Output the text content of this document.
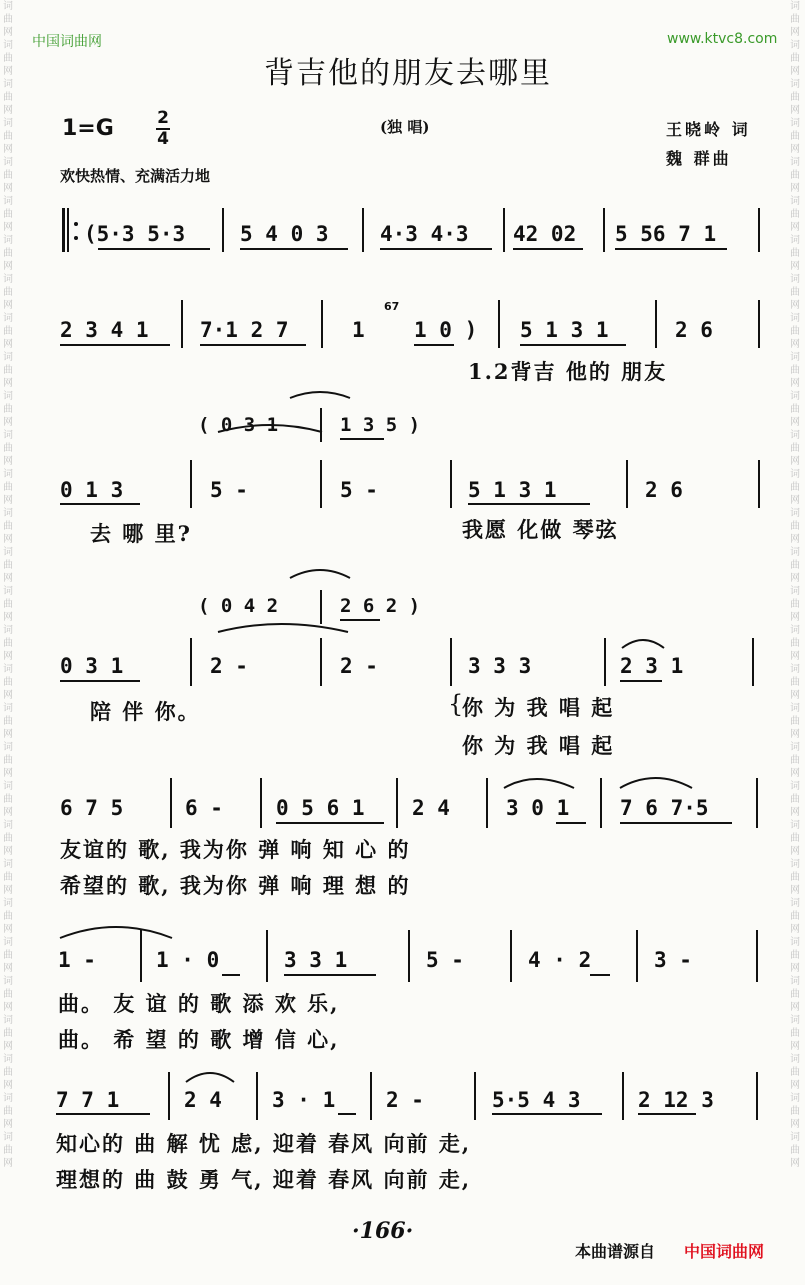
词曲网词曲网词曲网词曲网词曲网词曲网词曲网词曲网词曲网词曲网词曲网词曲网词曲网词曲网词曲网词曲网词曲网词曲网词曲网词曲网词曲网词曲网词曲网词曲网词曲网词曲网词曲网词曲网词曲网词曲网
词曲网词曲网词曲网词曲网词曲网词曲网词曲网词曲网词曲网词曲网词曲网词曲网词曲网词曲网词曲网词曲网词曲网词曲网词曲网词曲网词曲网词曲网词曲网词曲网词曲网词曲网词曲网词曲网词曲网词曲网
中国词曲网	www.ktvc8.com
背吉他的朋友去哪里
1=G	2
4
(独 唱)	王晓岭 词
魏 群曲
欢快热情、充满活力地
(5·3 5·3	5 4 0 3 4·3 4·3 42 02 5 56 7 1
2 3 4 1 7·1 2 7	1
67
1 0 ) 5 1 3 1	2 6
1.2背吉 他的 朋友
( 0 3 1	1 3 5 )
0 1 3	5 -	5 -	5 1 3 1	2 6
去 哪 里?	我愿 化做 琴弦
( 0 4 2	2 6 2 )
0 3 1	2 -	2 -	3 3 3	2 3 1
陪 伴 你。	{
你 为 我 唱 起
你 为 我 唱 起
6 7 5	6 -	0 5 6 1 2 4	3 0 1 7 6 7·5
友谊的 歌, 我为你 弹 响 知 心 的
希望的 歌, 我为你 弹 响 理 想 的
1 -	1 · 0	3 3 1	5 -	4 · 2	3 -
曲。 友 谊 的 歌 添 欢 乐,
曲。 希 望 的 歌 增 信 心,
7 7 1	2 4 3 · 1 2 -	5·5 4 3	2 12 3
知心的 曲 解 忧 虑, 迎着 春风 向前 走,
理想的 曲 鼓 勇 气, 迎着 春风 向前 走,
·166·
本曲谱源自 中国词曲网
